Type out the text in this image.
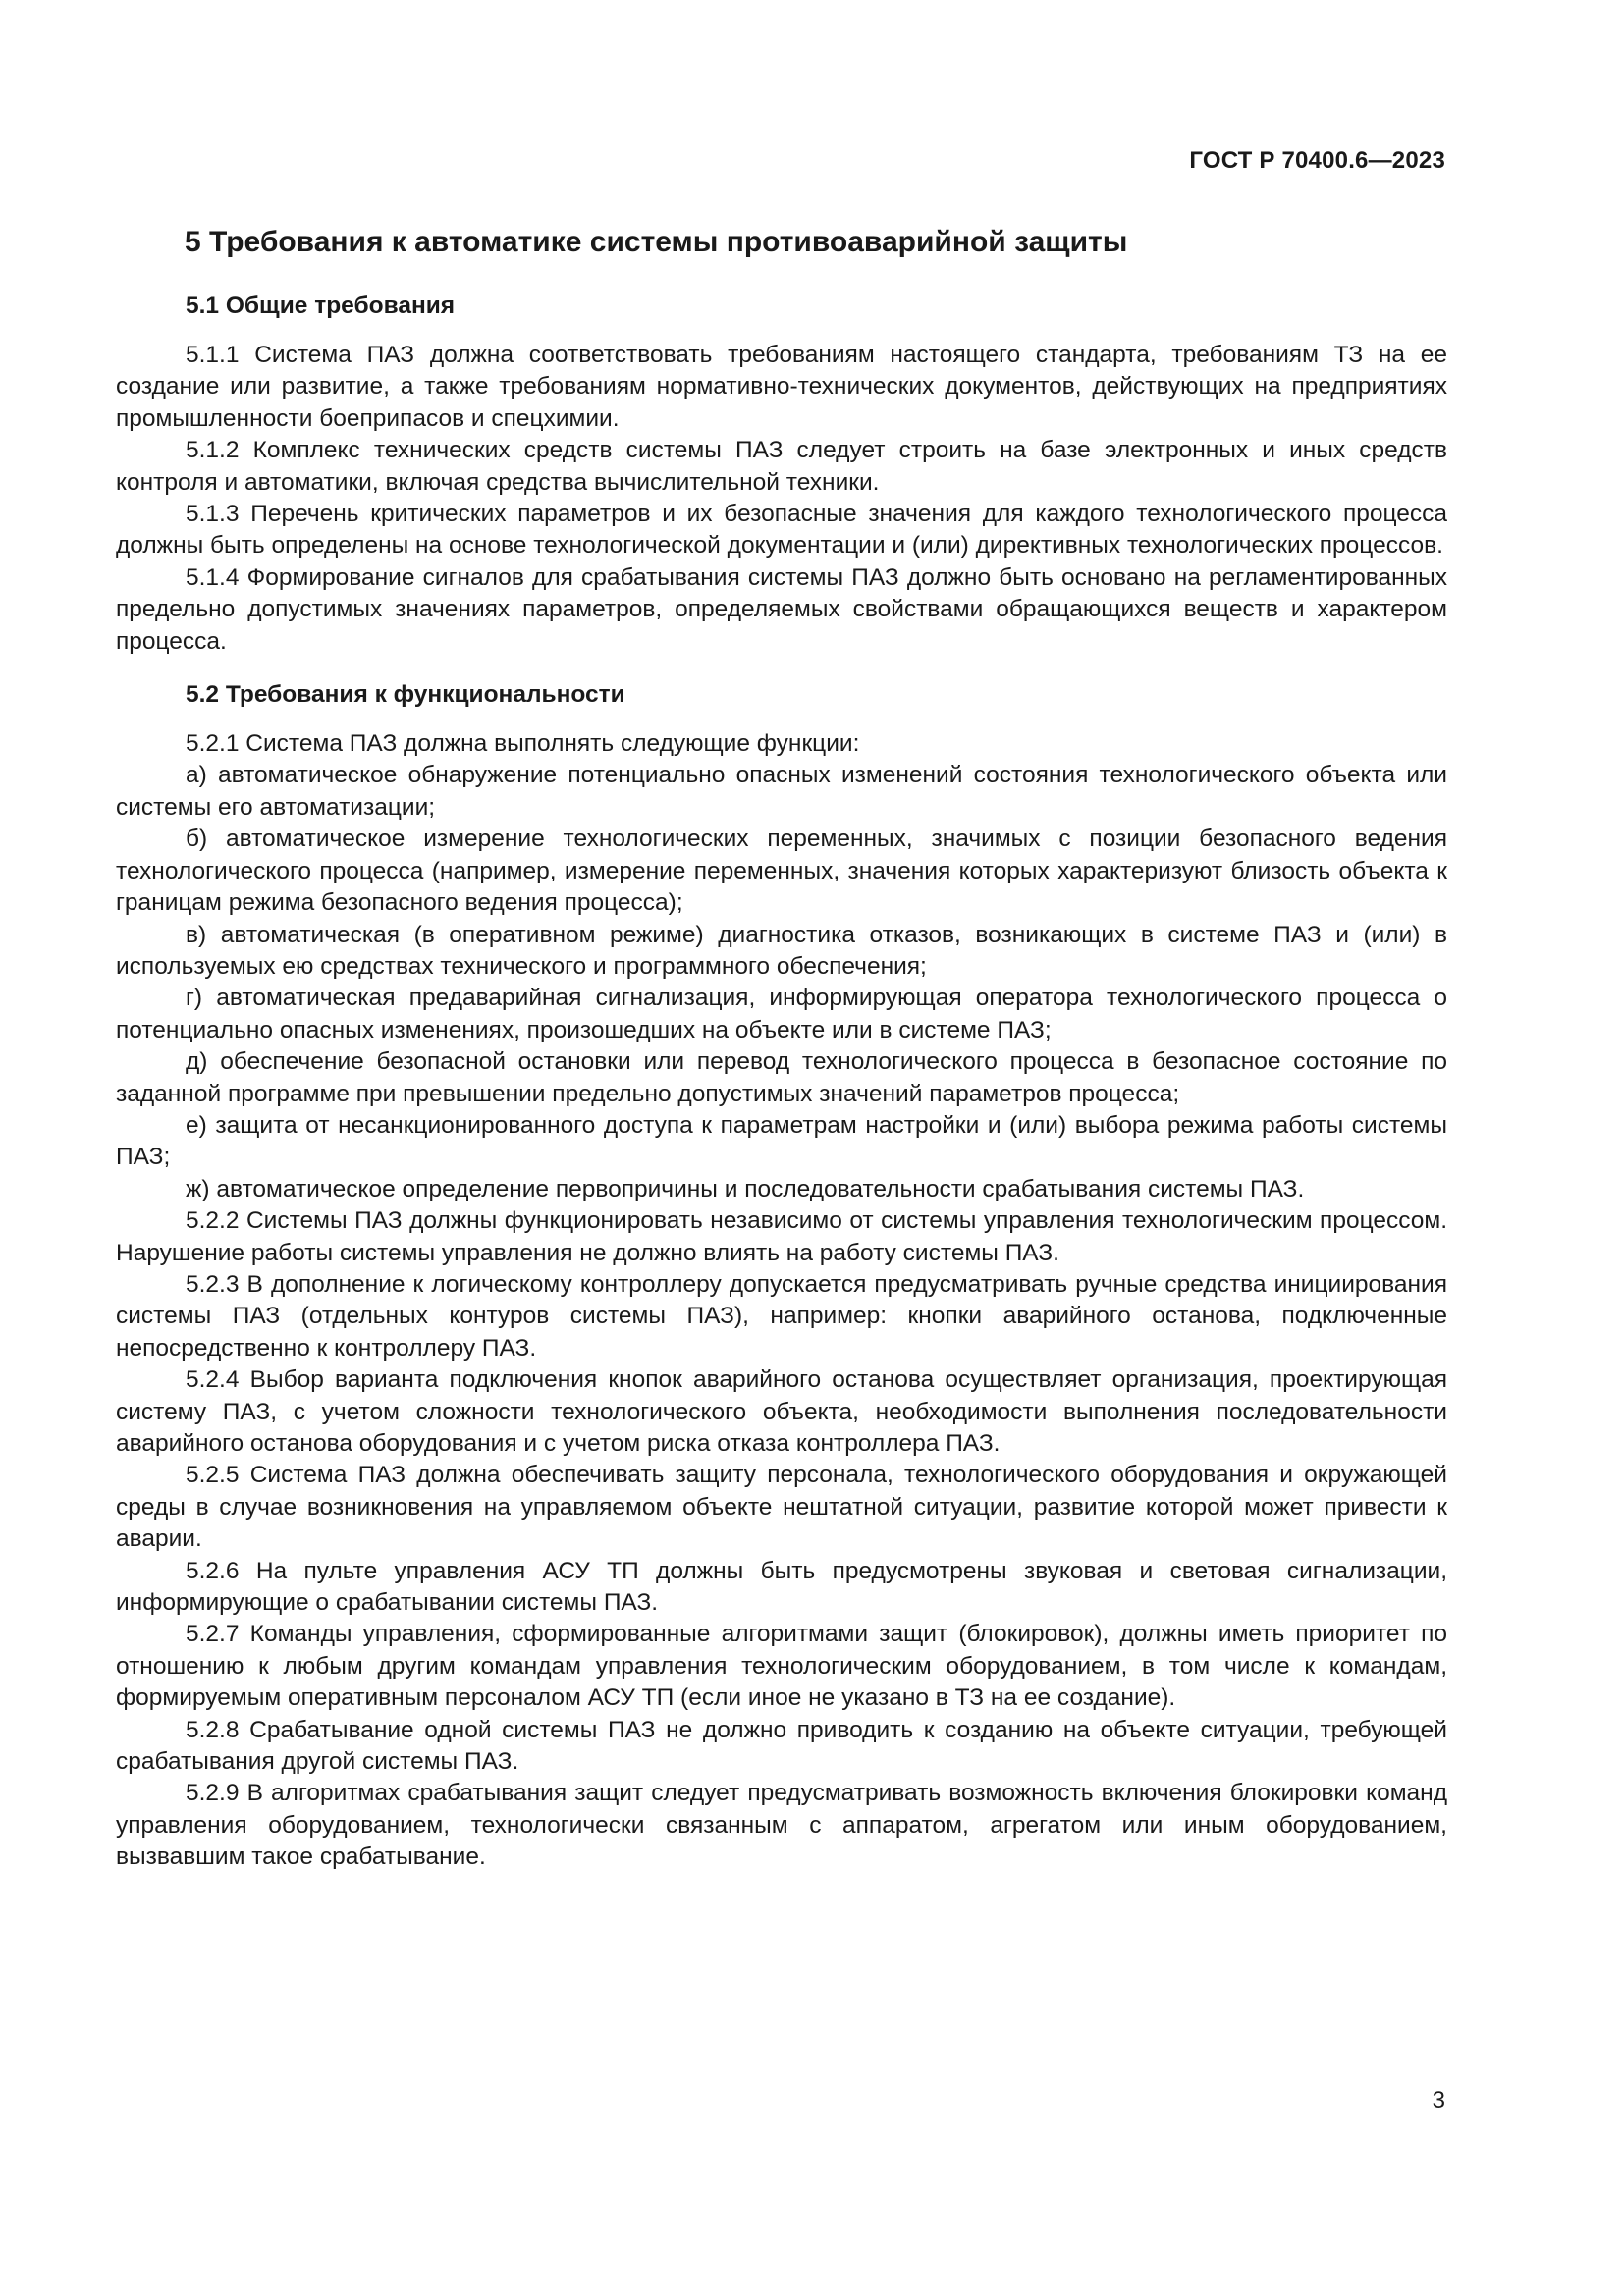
ГОСТ Р 70400.6—2023
5 Требования к автоматике системы противоаварийной защиты
5.1 Общие требования

5.1.1 Система ПАЗ должна соответствовать требованиям настоящего стандарта, требованиям ТЗ на ее создание или развитие, а также требованиям нормативно-технических документов, действующих на предприятиях промышленности боеприпасов и спецхимии.

5.1.2 Комплекс технических средств системы ПАЗ следует строить на базе электронных и иных средств контроля и автоматики, включая средства вычислительной техники.

5.1.3 Перечень критических параметров и их безопасные значения для каждого технологического процесса должны быть определены на основе технологической документации и (или) директивных технологических процессов.

5.1.4 Формирование сигналов для срабатывания системы ПАЗ должно быть основано на регламентированных предельно допустимых значениях параметров, определяемых свойствами обращающихся веществ и характером процесса.

5.2 Требования к функциональности

5.2.1 Система ПАЗ должна выполнять следующие функции:

а) автоматическое обнаружение потенциально опасных изменений состояния технологического объекта или системы его автоматизации;

б) автоматическое измерение технологических переменных, значимых с позиции безопасного ведения технологического процесса (например, измерение переменных, значения которых характеризуют близость объекта к границам режима безопасного ведения процесса);

в) автоматическая (в оперативном режиме) диагностика отказов, возникающих в системе ПАЗ и (или) в используемых ею средствах технического и программного обеспечения;

г) автоматическая предаварийная сигнализация, информирующая оператора технологического процесса о потенциально опасных изменениях, произошедших на объекте или в системе ПАЗ;

д) обеспечение безопасной остановки или перевод технологического процесса в безопасное состояние по заданной программе при превышении предельно допустимых значений параметров процесса;

е) защита от несанкционированного доступа к параметрам настройки и (или) выбора режима работы системы ПАЗ;

ж) автоматическое определение первопричины и последовательности срабатывания системы ПАЗ.

5.2.2 Системы ПАЗ должны функционировать независимо от системы управления технологическим процессом. Нарушение работы системы управления не должно влиять на работу системы ПАЗ.

5.2.3 В дополнение к логическому контроллеру допускается предусматривать ручные средства инициирования системы ПАЗ (отдельных контуров системы ПАЗ), например: кнопки аварийного останова, подключенные непосредственно к контроллеру ПАЗ.

5.2.4 Выбор варианта подключения кнопок аварийного останова осуществляет организация, проектирующая систему ПАЗ, с учетом сложности технологического объекта, необходимости выполнения последовательности аварийного останова оборудования и с учетом риска отказа контроллера ПАЗ.

5.2.5 Система ПАЗ должна обеспечивать защиту персонала, технологического оборудования и окружающей среды в случае возникновения на управляемом объекте нештатной ситуации, развитие которой может привести к аварии.

5.2.6 На пульте управления АСУ ТП должны быть предусмотрены звуковая и световая сигнализации, информирующие о срабатывании системы ПАЗ.

5.2.7 Команды управления, сформированные алгоритмами защит (блокировок), должны иметь приоритет по отношению к любым другим командам управления технологическим оборудованием, в том числе к командам, формируемым оперативным персоналом АСУ ТП (если иное не указано в ТЗ на ее создание).

5.2.8 Срабатывание одной системы ПАЗ не должно приводить к созданию на объекте ситуации, требующей срабатывания другой системы ПАЗ.

5.2.9 В алгоритмах срабатывания защит следует предусматривать возможность включения блокировки команд управления оборудованием, технологически связанным с аппаратом, агрегатом или иным оборудованием, вызвавшим такое срабатывание.

3
